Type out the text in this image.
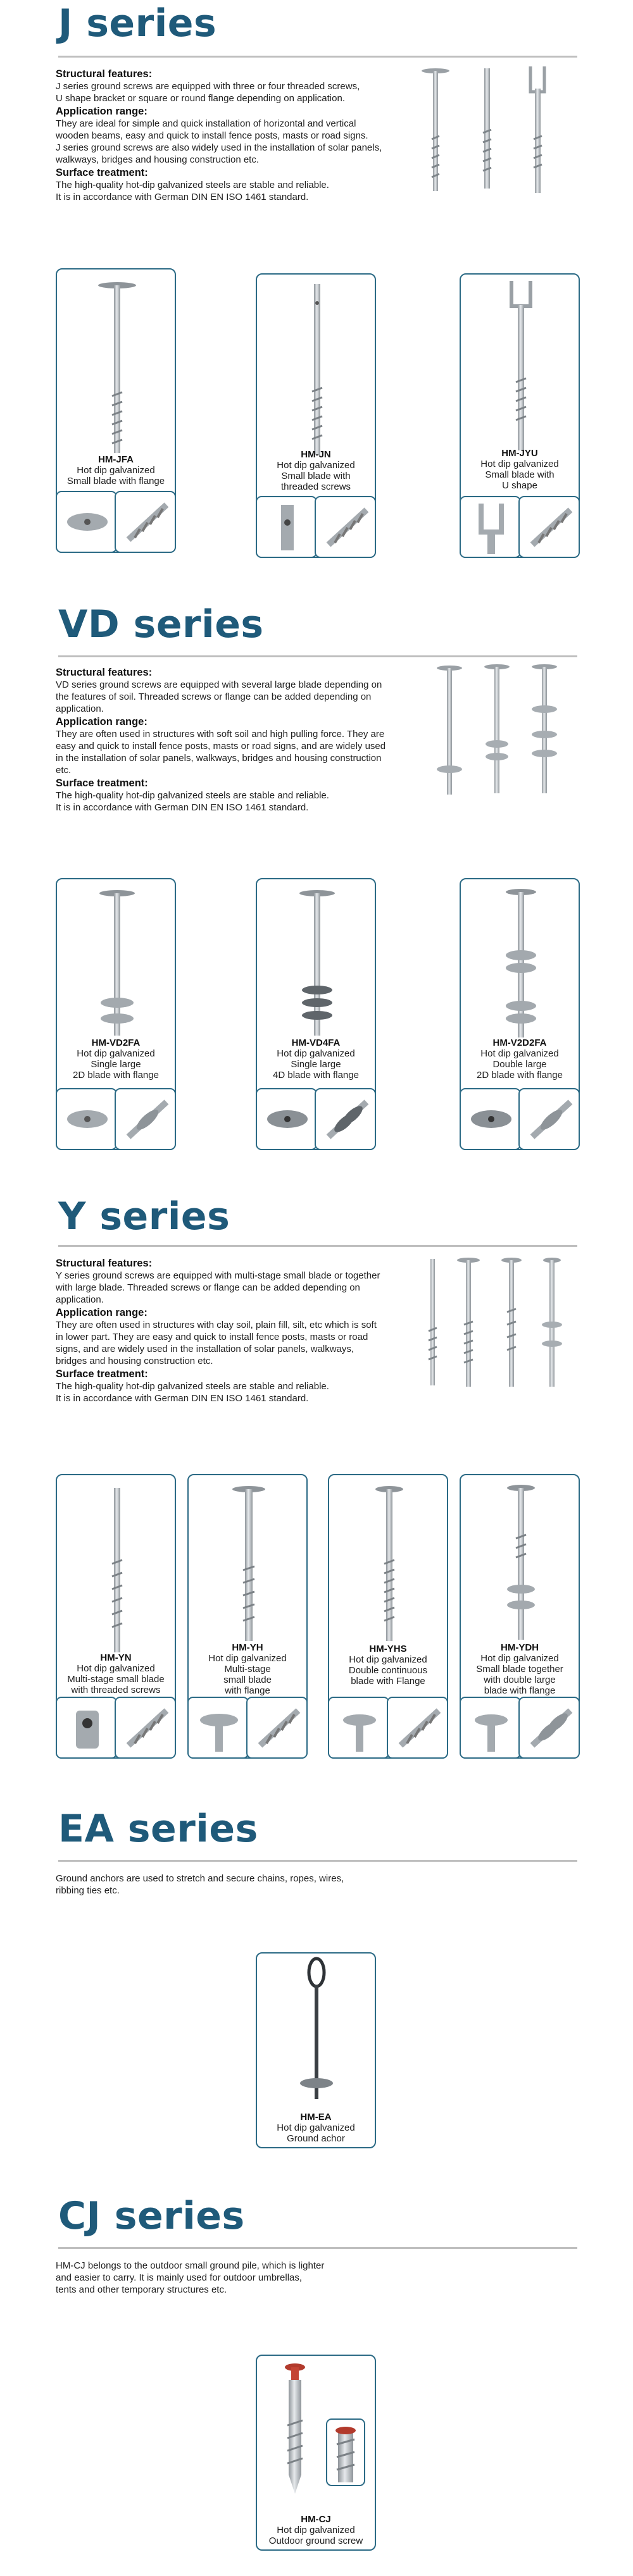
J series
Structural features:

J series ground screws are equipped with three or four threaded screws,
U shape bracket or square or round flange depending on application.

Application range:

They are ideal for simple and quick installation of horizontal and vertical
wooden beams, easy and quick to install fence posts, masts or road signs.
J series ground screws are also widely used in the installation of solar panels,
walkways, bridges and housing construction etc.

Surface treatment:

The high-quality hot-dip galvanized steels are stable and reliable.
It is in accordance with German DIN EN ISO 1461 standard.

HM-JFA
Hot dip galvanized
Small blade with flange
HM-JN
Hot dip galvanized
Small blade with
threaded screws
HM-JYU
Hot dip galvanized
Small blade with
U shape
VD series
Structural features:

VD series ground screws are equipped with several large blade depending on
the features of soil. Threaded screws or flange can be added depending on
application.

Application range:

They are often used in structures with soft soil and high pulling force. They are
easy and quick to install fence posts, masts or road signs, and are widely used
in the installation of solar panels, walkways, bridges and housing construction
etc.

Surface treatment:

The high-quality hot-dip galvanized steels are stable and reliable.
It is in accordance with German DIN EN ISO 1461 standard.

HM-VD2FA
Hot dip galvanized
Single large
2D blade with flange
HM-VD4FA
Hot dip galvanized
Single large
4D blade with flange
HM-V2D2FA
Hot dip galvanized
Double large
2D blade with flange
Y series
Structural features:

Y series ground screws are equipped with multi-stage small blade or together
with large blade. Threaded screws or flange can be added depending on
application.

Application range:

They are often used in structures with clay soil, plain fill, silt, etc which is soft
in lower part. They are easy and quick to install fence posts, masts or road
signs, and are widely used in the installation of solar panels, walkways,
bridges and housing construction etc.

Surface treatment:

The high-quality hot-dip galvanized steels are stable and reliable.
It is in accordance with German DIN EN ISO 1461 standard.

HM-YN
Hot dip galvanized
Multi-stage small blade
with threaded screws
HM-YH
Hot dip galvanized
Multi-stage
small blade
with flange
HM-YHS
Hot dip galvanized
Double continuous
blade with Flange
HM-YDH
Hot dip galvanized
Small blade together
with double large
blade with flange
EA series

Ground anchors are used to stretch and secure chains, ropes, wires,
ribbing ties etc.

HM-EA
Hot dip galvanized
Ground achor
CJ series

HM-CJ belongs to the outdoor small ground pile, which is lighter
and easier to carry. It is mainly used for outdoor umbrellas,
tents and other temporary structures etc.

HM-CJ
Hot dip galvanized
Outdoor ground screw
